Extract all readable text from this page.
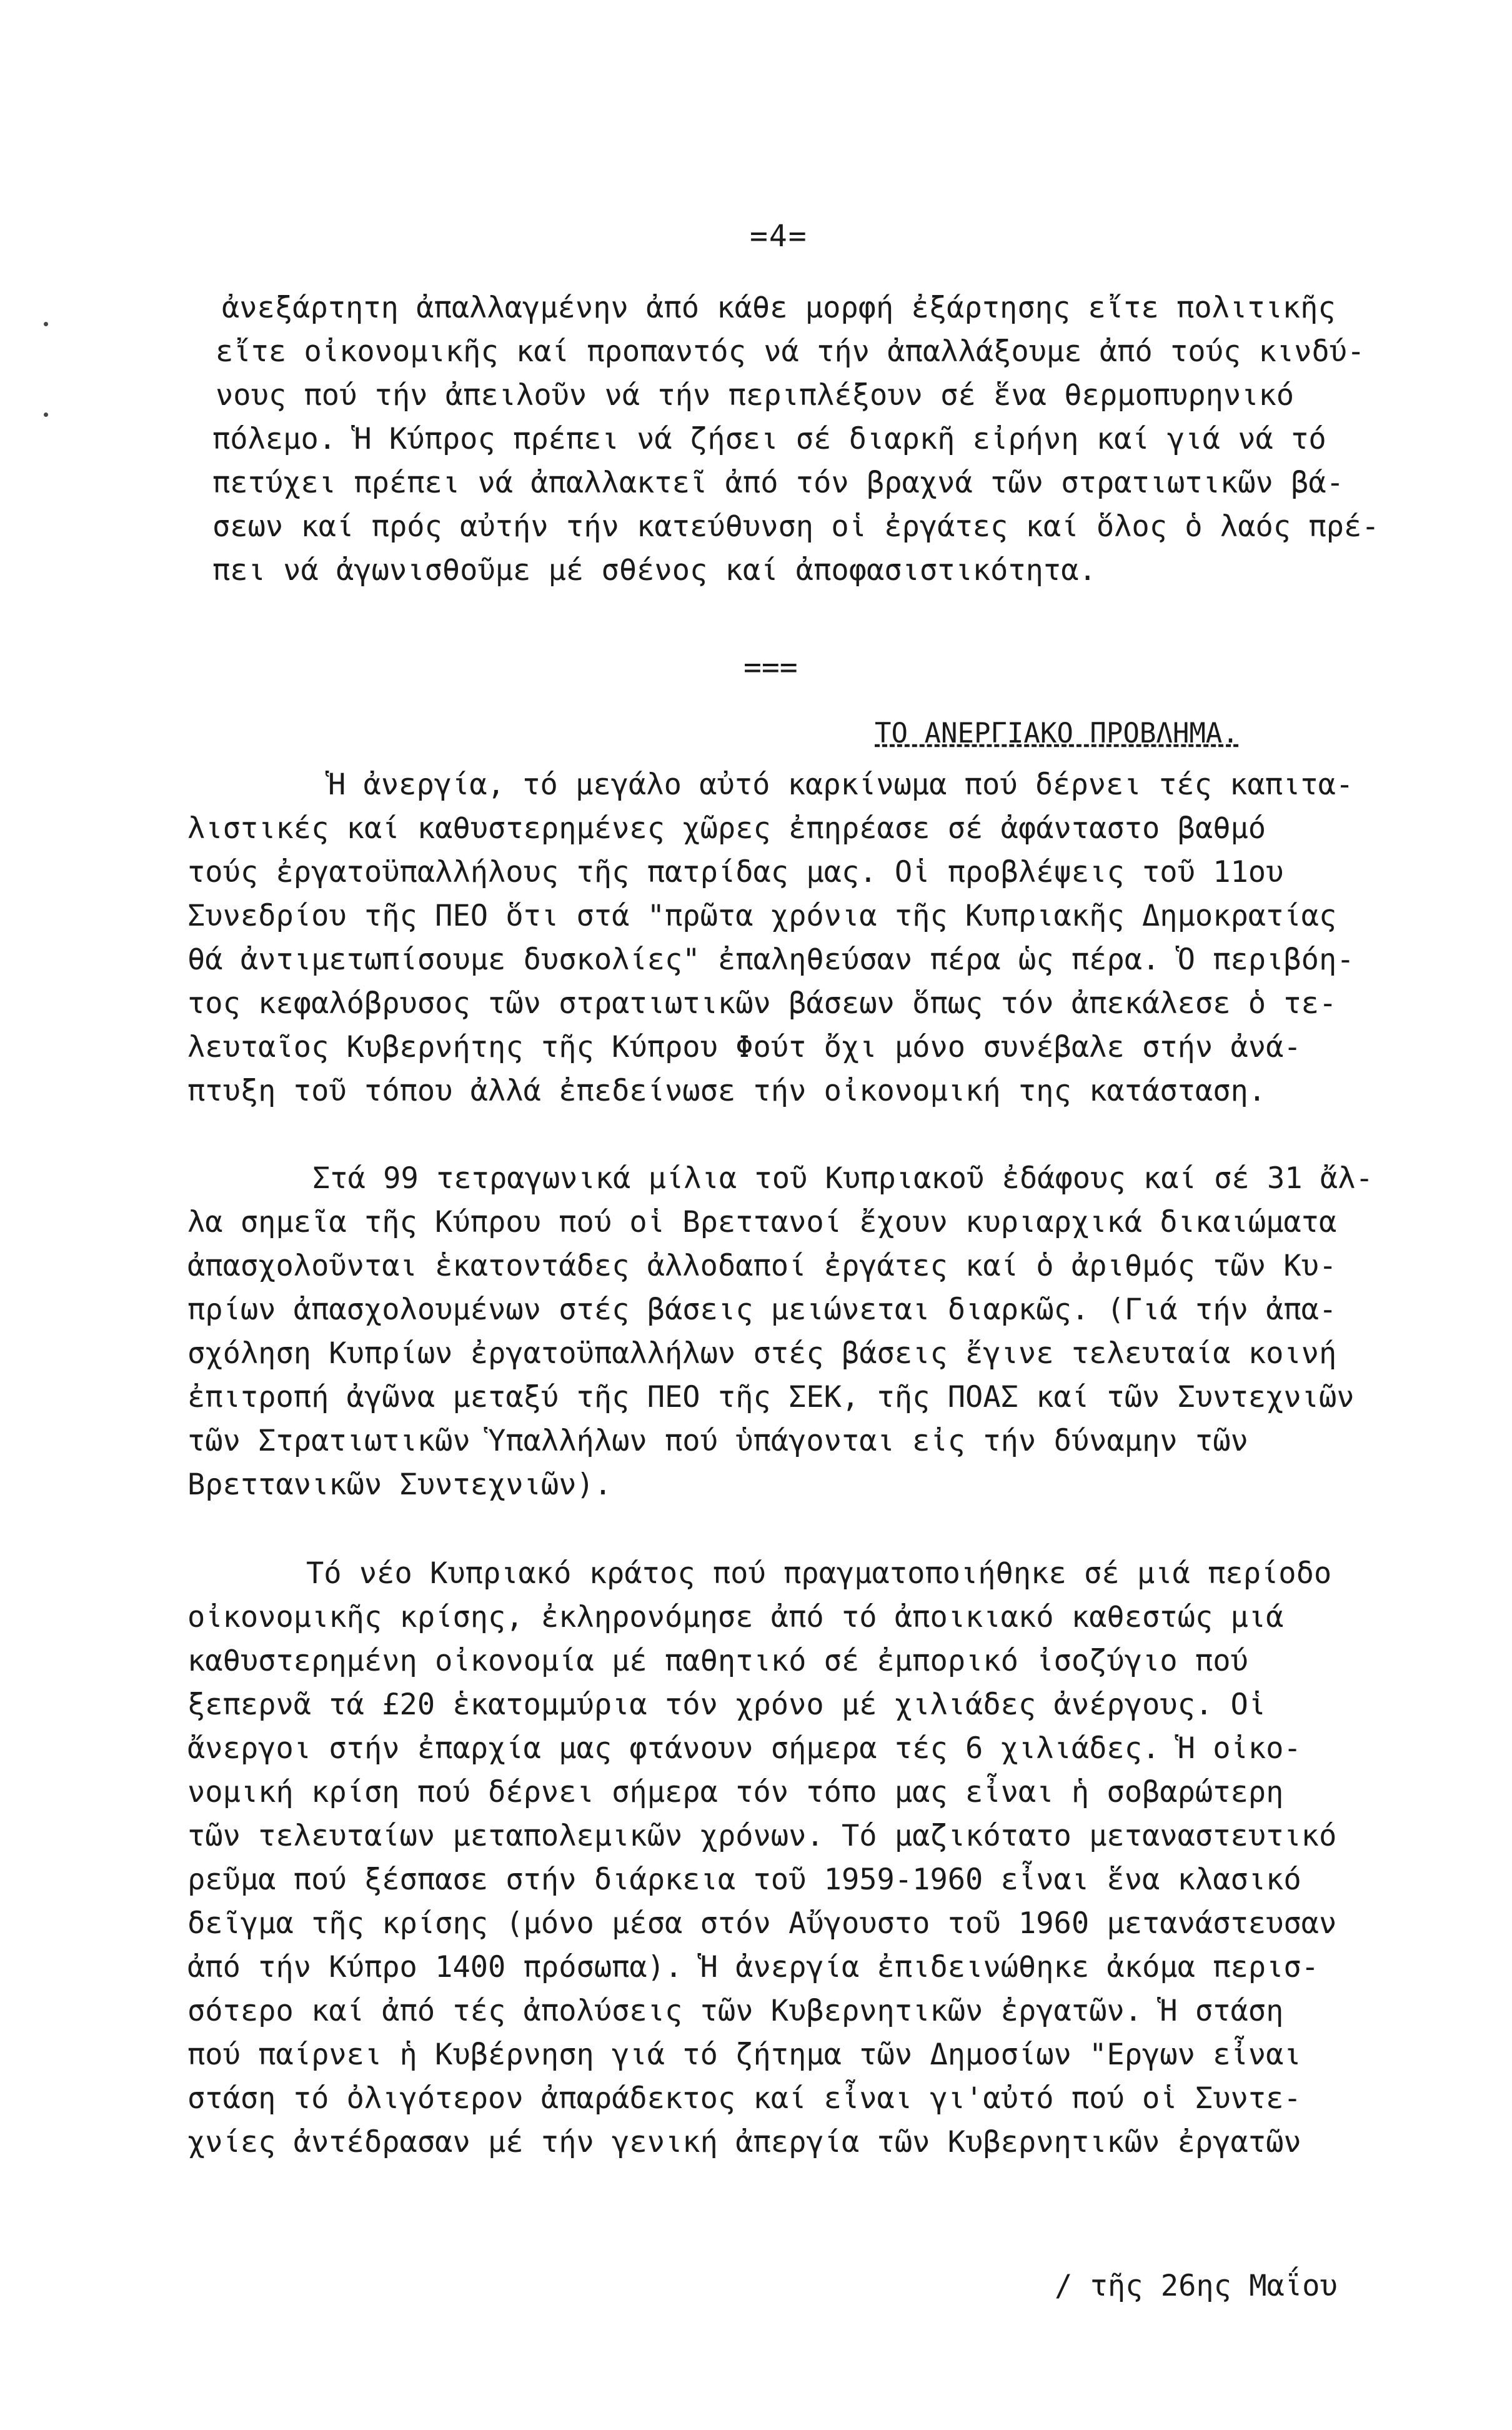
=4=
ἀνεξάρτητη ἀπαλλαγμένην ἀπό κάθε μορφή ἐξάρτησης εἴτε πολιτικῆς
εἴτε οἰκονομικῆς καί προπαντός νά τήν ἀπαλλάξουμε ἀπό τούς κινδύ-
νους πού τήν ἀπειλοῦν νά τήν περιπλέξουν σέ ἕνα θερμοπυρηνικό
πόλεμο. Ἡ Κύπρος πρέπει νά ζήσει σέ διαρκῆ εἰρήνη καί γιά νά τό
πετύχει πρέπει νά ἀπαλλακτεῖ ἀπό τόν βραχνά τῶν στρατιωτικῶν βά-
σεων καί πρός αὐτήν τήν κατεύθυνση οἱ ἐργάτες καί ὅλος ὁ λαός πρέ-
πει νά ἀγωνισθοῦμε μέ σθένος καί ἀποφασιστικότητα.
===
ΤΟ ΑΝΕΡΓΙΑΚΟ ΠΡΟΒΛΗΜΑ.
Ἡ ἀνεργία, τό μεγάλο αὐτό καρκίνωμα πού δέρνει τές καπιτα-
λιστικές καί καθυστερημένες χῶρες ἐπηρέασε σέ ἀφάνταστο βαθμό
τούς ἐργατοϋπαλλήλους τῆς πατρίδας μας. Οἱ προβλέψεις τοῦ 11ου
Συνεδρίου τῆς ΠΕΟ ὅτι στά "πρῶτα χρόνια τῆς Κυπριακῆς Δημοκρατίας
θά ἀντιμετωπίσουμε δυσκολίες" ἐπαληθεύσαν πέρα ὡς πέρα. Ὁ περιβόη-
τος κεφαλόβρυσος τῶν στρατιωτικῶν βάσεων ὅπως τόν ἀπεκάλεσε ὁ τε-
λευταῖος Κυβερνήτης τῆς Κύπρου Φούτ ὄχι μόνο συνέβαλε στήν ἀνά-
πτυξη τοῦ τόπου ἀλλά ἐπεδείνωσε τήν οἰκονομική της κατάσταση.
Στά 99 τετραγωνικά μίλια τοῦ Κυπριακοῦ ἐδάφους καί σέ 31 ἄλ-
λα σημεῖα τῆς Κύπρου πού οἱ Βρεττανοί ἔχουν κυριαρχικά δικαιώματα
ἀπασχολοῦνται ἑκατοντάδες ἀλλοδαποί ἐργάτες καί ὁ ἀριθμός τῶν Κυ-
πρίων ἀπασχολουμένων στές βάσεις μειώνεται διαρκῶς. (Γιά τήν ἀπα-
σχόληση Κυπρίων ἐργατοϋπαλλήλων στές βάσεις ἔγινε τελευταία κοινή
ἐπιτροπή ἀγῶνα μεταξύ τῆς ΠΕΟ τῆς ΣΕΚ, τῆς ΠΟΑΣ καί τῶν Συντεχνιῶν
τῶν Στρατιωτικῶν Ὑπαλλήλων πού ὑπάγονται εἰς τήν δύναμην τῶν
Βρεττανικῶν Συντεχνιῶν).
Τό νέο Κυπριακό κράτος πού πραγματοποιήθηκε σέ μιά περίοδο
οἰκονομικῆς κρίσης, ἐκληρονόμησε ἀπό τό ἀποικιακό καθεστώς μιά
καθυστερημένη οἰκονομία μέ παθητικό σέ ἐμπορικό ἰσοζύγιο πού
ξεπερνᾶ τά £20 ἑκατομμύρια τόν χρόνο μέ χιλιάδες ἀνέργους. Οἱ
ἄνεργοι στήν ἐπαρχία μας φτάνουν σήμερα τές 6 χιλιάδες. Ἡ οἰκο-
νομική κρίση πού δέρνει σήμερα τόν τόπο μας εἶναι ἡ σοβαρώτερη
τῶν τελευταίων μεταπολεμικῶν χρόνων. Τό μαζικότατο μεταναστευτικό
ρεῦμα πού ξέσπασε στήν διάρκεια τοῦ 1959-1960 εἶναι ἕνα κλασικό
δεῖγμα τῆς κρίσης (μόνο μέσα στόν Αὔγουστο τοῦ 1960 μετανάστευσαν
ἀπό τήν Κύπρο 1400 πρόσωπα). Ἡ ἀνεργία ἐπιδεινώθηκε ἀκόμα περισ-
σότερο καί ἀπό τές ἀπολύσεις τῶν Κυβερνητικῶν ἐργατῶν. Ἡ στάση
πού παίρνει ἡ Κυβέρνηση γιά τό ζήτημα τῶν Δημοσίων "Εργων εἶναι
στάση τό ὀλιγότερον ἀπαράδεκτος καί εἶναι γι'αὐτό πού οἱ Συντε-
χνίες ἀντέδρασαν μέ τήν γενική ἀπεργία τῶν Κυβερνητικῶν ἐργατῶν
/ τῆς 26ης Μαΐου
